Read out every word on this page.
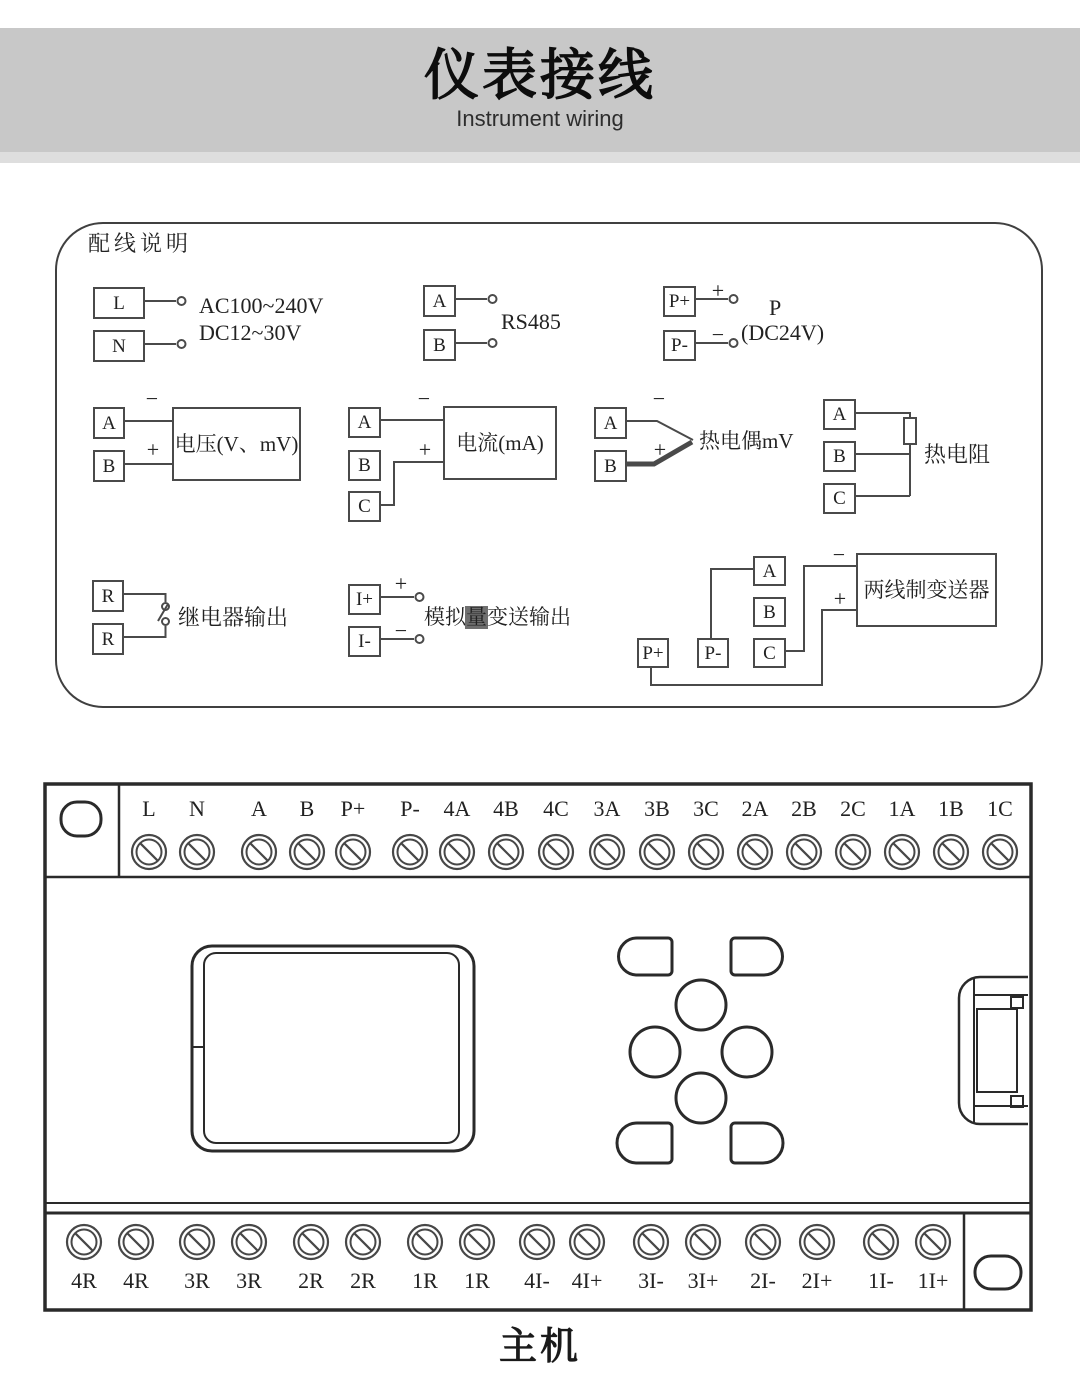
仪表接线
Instrument wiring
配线说明
L
N
A
B
P+
P-
A
B
A
B
C
A
B
A
B
C
R
R
I+
I-
A
B
C
P+	P-
电压(V、mV)	电流(mA)
两线制变送器
AC100~240V
DC12~30V	RS485
P
(DC24V)
热电偶mV
热电阻
继电器输出	模拟量变送输出
+
−
−
+
−
+
−
+
+
−
−
+
主机
L	N	A	B	P+	P-	4A	4B	4C	3A	3B	3C	2A	2B	2C	1A	1B	1C
4R	4R	3R	3R	2R	2R	1R	1R	4I- 4I+	3I-	3I+	2I-	2I+	1I-	1I+
